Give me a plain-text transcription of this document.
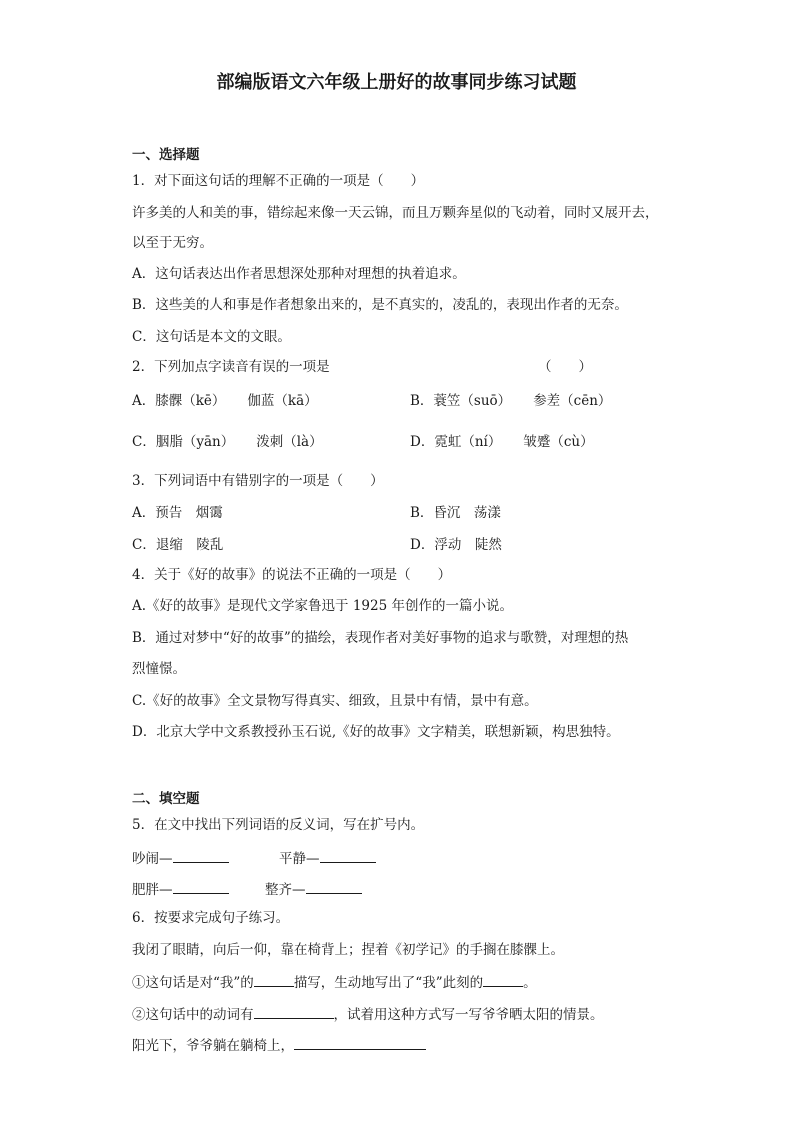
部编版语文六年级上册好的故事同步练习试题
一、选择题
1．对下面这句话的理解不正确的一项是（　　）
许多美的人和美的事，错综起来像一天云锦，而且万颗奔星似的飞动着，同时又展开去，
以至于无穷。
A．这句话表达出作者思想深处那种对理想的执着追求。
B．这些美的人和事是作者想象出来的，是不真实的，凌乱的，表现出作者的无奈。
C．这句话是本文的文眼。
2．下列加点字读音有误的一项是	（　　）
A．膝髁（kē） 伽蓝（kā）	B．蓑笠（suō） 参差（cēn）
C．胭脂（yān） 泼刺（là）	D．霓虹（ní） 皱蹙（cù）
3．下列词语中有错别字的一项是（　　）
A．预告　烟霭	B．昏沉　荡漾
C．退缩　陵乱	D．浮动　陡然
4．关于《好的故事》的说法不正确的一项是（　　）
A.《好的故事》是现代文学家鲁迅于 1925 年创作的一篇小说。
B．通过对梦中“好的故事”的描绘，表现作者对美好事物的追求与歌赞，对理想的热
烈憧憬。
C.《好的故事》全文景物写得真实、细致，且景中有情，景中有意。
D．北京大学中文系教授孙玉石说,《好的故事》文字精美，联想新颖，构思独特。
二、填空题
5．在文中找出下列词语的反义词，写在扩号内。
吵闹—	平静—
肥胖—	整齐—
6．按要求完成句子练习。
我闭了眼睛，向后一仰，靠在椅背上；捏着《初学记》的手搁在膝髁上。
①这句话是对“我”的	描写，生动地写出了“我”此刻的	。
②这句话中的动词有	，试着用这种方式写一写爷爷晒太阳的情景。
阳光下，爷爷躺在躺椅上，
